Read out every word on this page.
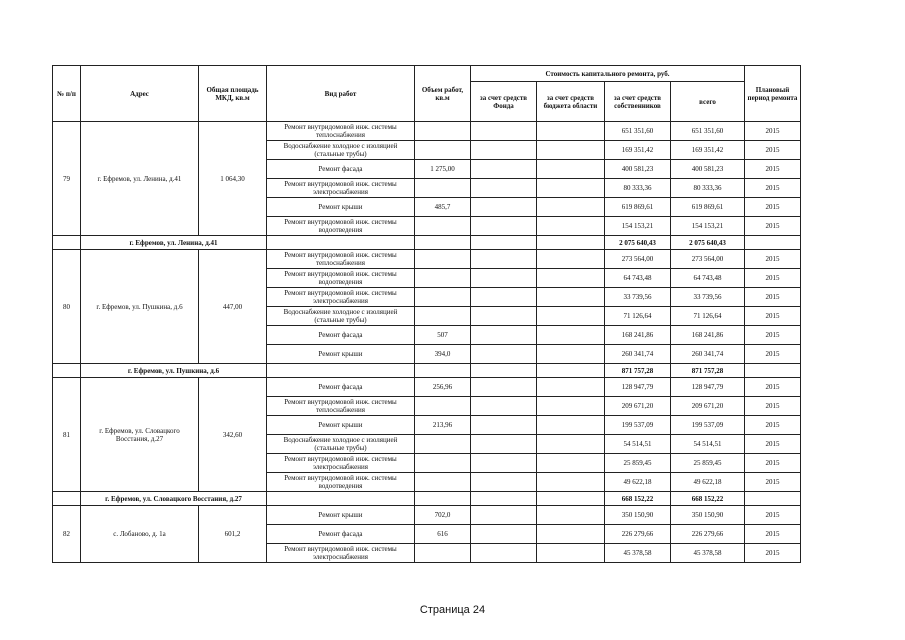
№ п/п	Адрес	Общая площадь МКД, кв.м	Вид работ	Объем работ, кв.м	Стоимость капитального ремонта, руб.				Плановый период ремонта
					за счет средств Фонда	за счет средств бюджета области	за счет средств собственников	всего	
79	г. Ефремов, ул. Ленина, д.41	1 064,30	Ремонт внутридомовой инж. системы теплоснабжения				651 351,60	651 351,60	2015
			Водоснабжение холодное с изоляцией (стальные трубы)				169 351,42	169 351,42	2015
			Ремонт фасада	1 275,00			400 581,23	400 581,23	2015
			Ремонт внутридомовой инж. системы электроснабжения				80 333,36	80 333,36	2015
			Ремонт крыши	485,7			619 869,61	619 869,61	2015
			Ремонт внутридомовой инж. системы водоотведения				154 153,21	154 153,21	2015
	г. Ефремов, ул. Ленина, д.41						2 075 640,43	2 075 640,43	
80	г. Ефремов, ул. Пушкина, д.6	447,00	Ремонт внутридомовой инж. системы теплоснабжения				273 564,00	273 564,00	2015
			Ремонт внутридомовой инж. системы водоотведения				64 743,48	64 743,48	2015
			Ремонт внутридомовой инж. системы электроснабжения				33 739,56	33 739,56	2015
			Водоснабжение холодное с изоляцией (стальные трубы)				71 126,64	71 126,64	2015
			Ремонт фасада	507			168 241,86	168 241,86	2015
			Ремонт крыши	394,0			260 341,74	260 341,74	2015
	г. Ефремов, ул. Пушкина, д.6						871 757,28	871 757,28	
81	г. Ефремов, ул. Словацкого Восстания, д.27	342,60	Ремонт фасада	256,96			128 947,79	128 947,79	2015
			Ремонт внутридомовой инж. системы теплоснабжения				209 671,20	209 671,20	2015
			Ремонт крыши	213,96			199 537,09	199 537,09	2015
			Водоснабжение холодное с изоляцией (стальные трубы)				54 514,51	54 514,51	2015
			Ремонт внутридомовой инж. системы электроснабжения				25 859,45	25 859,45	2015
			Ремонт внутридомовой инж. системы водоотведения				49 622,18	49 622,18	2015
	г. Ефремов, ул. Словацкого Восстания, д.27						668 152,22	668 152,22	
82	с. Лобаново, д. 1а	601,2	Ремонт крыши	702,0			350 150,90	350 150,90	2015
			Ремонт фасада	616			226 279,66	226 279,66	2015
			Ремонт внутридомовой инж. системы электроснабжения				45 378,58	45 378,58	2015
Страница 24
